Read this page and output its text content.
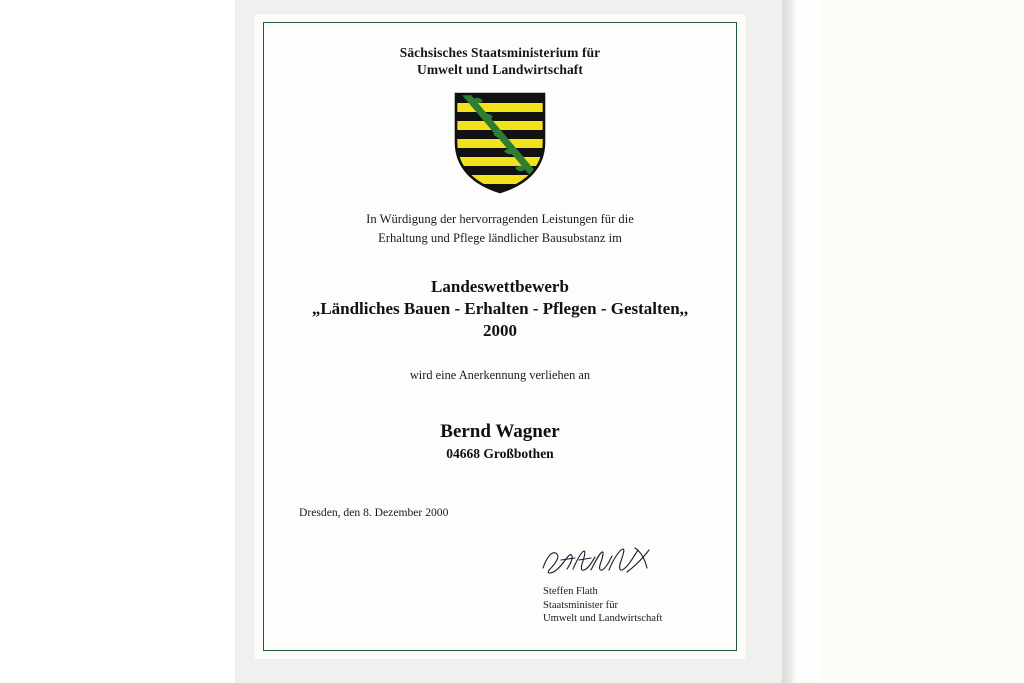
Sächsisches Staatsministerium für
Umwelt und Landwirtschaft
In Würdigung der hervorragenden Leistungen für die
Erhaltung und Pflege ländlicher Bausubstanz im
Landeswettbewerb
„Ländliches Bauen - Erhalten - Pflegen - Gestalten,,
2000
wird eine Anerkennung verliehen an
Bernd Wagner
04668 Großbothen
Dresden, den 8. Dezember 2000
Steffen Flath
Staatsminister für
Umwelt und Landwirtschaft
